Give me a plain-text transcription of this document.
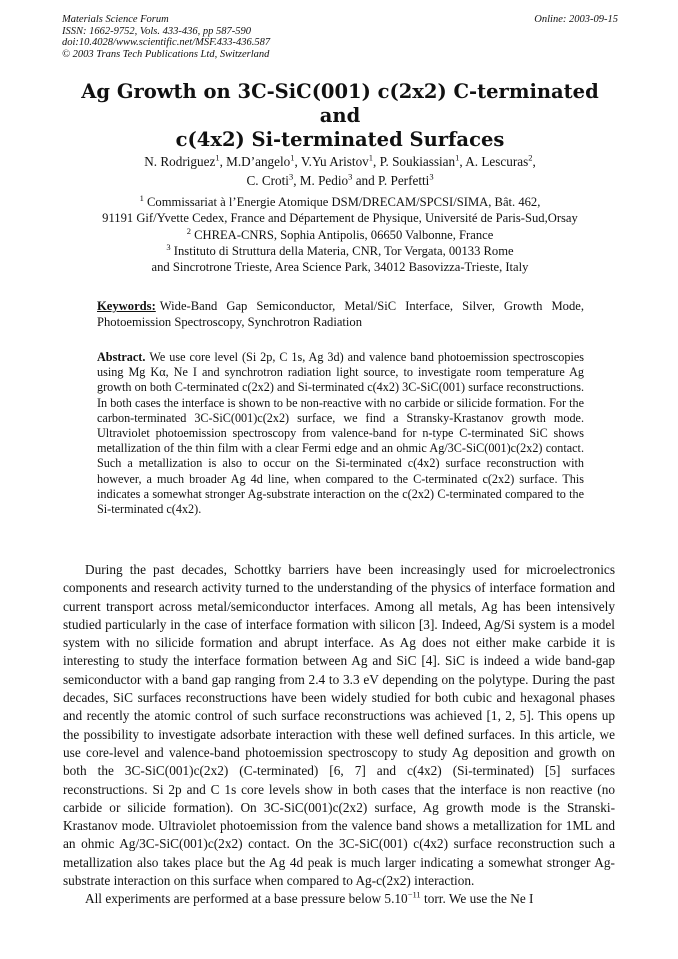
Materials Science Forum
ISSN: 1662-9752, Vols. 433-436, pp 587-590
doi:10.4028/www.scientific.net/MSF.433-436.587
© 2003 Trans Tech Publications Ltd, Switzerland
Online: 2003-09-15
Ag Growth on 3C-SiC(001) c(2x2) C-terminated and
c(4x2) Si-terminated Surfaces
N. Rodriguez$^1$, M.D’angelo$^1$, V.Yu Aristov$^1$, P. Soukiassian$^1$, A. Lescuras$^2$,
C. Croti$^3$, M. Pedio$^3$ and P. Perfetti$^3$
$^1$ Commissariat à l’Energie Atomique DSM/DRECAM/SPCSI/SIMA, Bât. 462,
91191 Gif/Yvette Cedex, France and Département de Physique, Université de Paris-Sud,Orsay
$^2$ CHREA-CNRS, Sophia Antipolis, 06650 Valbonne, France
$^3$ Instituto di Struttura della Materia, CNR, Tor Vergata, 00133 Rome
and Sincrotrone Trieste, Area Science Park, 34012 Basovizza-Trieste, Italy
Keywords: Wide-Band Gap Semiconductor, Metal/SiC Interface, Silver, Growth Mode, Photoemission Spectroscopy, Synchrotron Radiation
Abstract. We use core level (Si 2p, C 1s, Ag 3d) and valence band photoemission spectroscopies using Mg Kα, Ne I and synchrotron radiation light source, to investigate room temperature Ag growth on both C-terminated c(2x2) and Si-terminated c(4x2) 3C-SiC(001) surface reconstructions. In both cases the interface is shown to be non-reactive with no carbide or silicide formation. For the carbon-terminated 3C-SiC(001)c(2x2) surface, we find a Stransky-Krastanov growth mode. Ultraviolet photoemission spectroscopy from valence-band for n-type C-terminated SiC shows metallization of the thin film with a clear Fermi edge and an ohmic Ag/3C-SiC(001)c(2x2) contact. Such a metallization is also to occur on the Si-terminated c(4x2) surface reconstruction with however, a much broader Ag 4d line, when compared to the C-terminated c(2x2) surface. This indicates a somewhat stronger Ag-substrate interaction on the c(2x2) C-terminated compared to the Si-terminated c(4x2).

During the past decades, Schottky barriers have been increasingly used for microelectronics components and research activity turned to the understanding of the physics of interface formation and current transport across metal/semiconductor interfaces. Among all metals, Ag has been intensively studied particularly in the case of interface formation with silicon [3]. Indeed, Ag/Si system is a model system with no silicide formation and abrupt interface. As Ag does not either make carbide it is interesting to study the interface formation between Ag and SiC [4]. SiC is indeed a wide band-gap semiconductor with a band gap ranging from 2.4 to 3.3 eV depending on the polytype. During the past decades, SiC surfaces reconstructions have been widely studied for both cubic and hexagonal phases and recently the atomic control of such surface reconstructions was achieved [1, 2, 5]. This opens up the possibility to investigate adsorbate interaction with these well defined surfaces. In this article, we use core-level and valence-band photoemission spectroscopy to study Ag deposition and growth on both the 3C-SiC(001)c(2x2) (C-terminated) [6, 7] and c(4x2) (Si-terminated) [5] surfaces reconstructions. Si 2p and C 1s core levels show in both cases that the interface is non reactive (no carbide or silicide formation). On 3C-SiC(001)c(2x2) surface, Ag growth mode is the Stranski-Krastanov mode. Ultraviolet photoemission from the valence band shows a metallization for 1ML and an ohmic Ag/3C-SiC(001)c(2x2) contact. On the 3C-SiC(001) c(4x2) surface reconstruction such a metallization also takes place but the Ag 4d peak is much larger indicating a somewhat stronger Ag-substrate interaction on this surface when compared to Ag-c(2x2) interaction.

All experiments are performed at a base pressure below $5.10^{-11}$ torr. We use the Ne I
